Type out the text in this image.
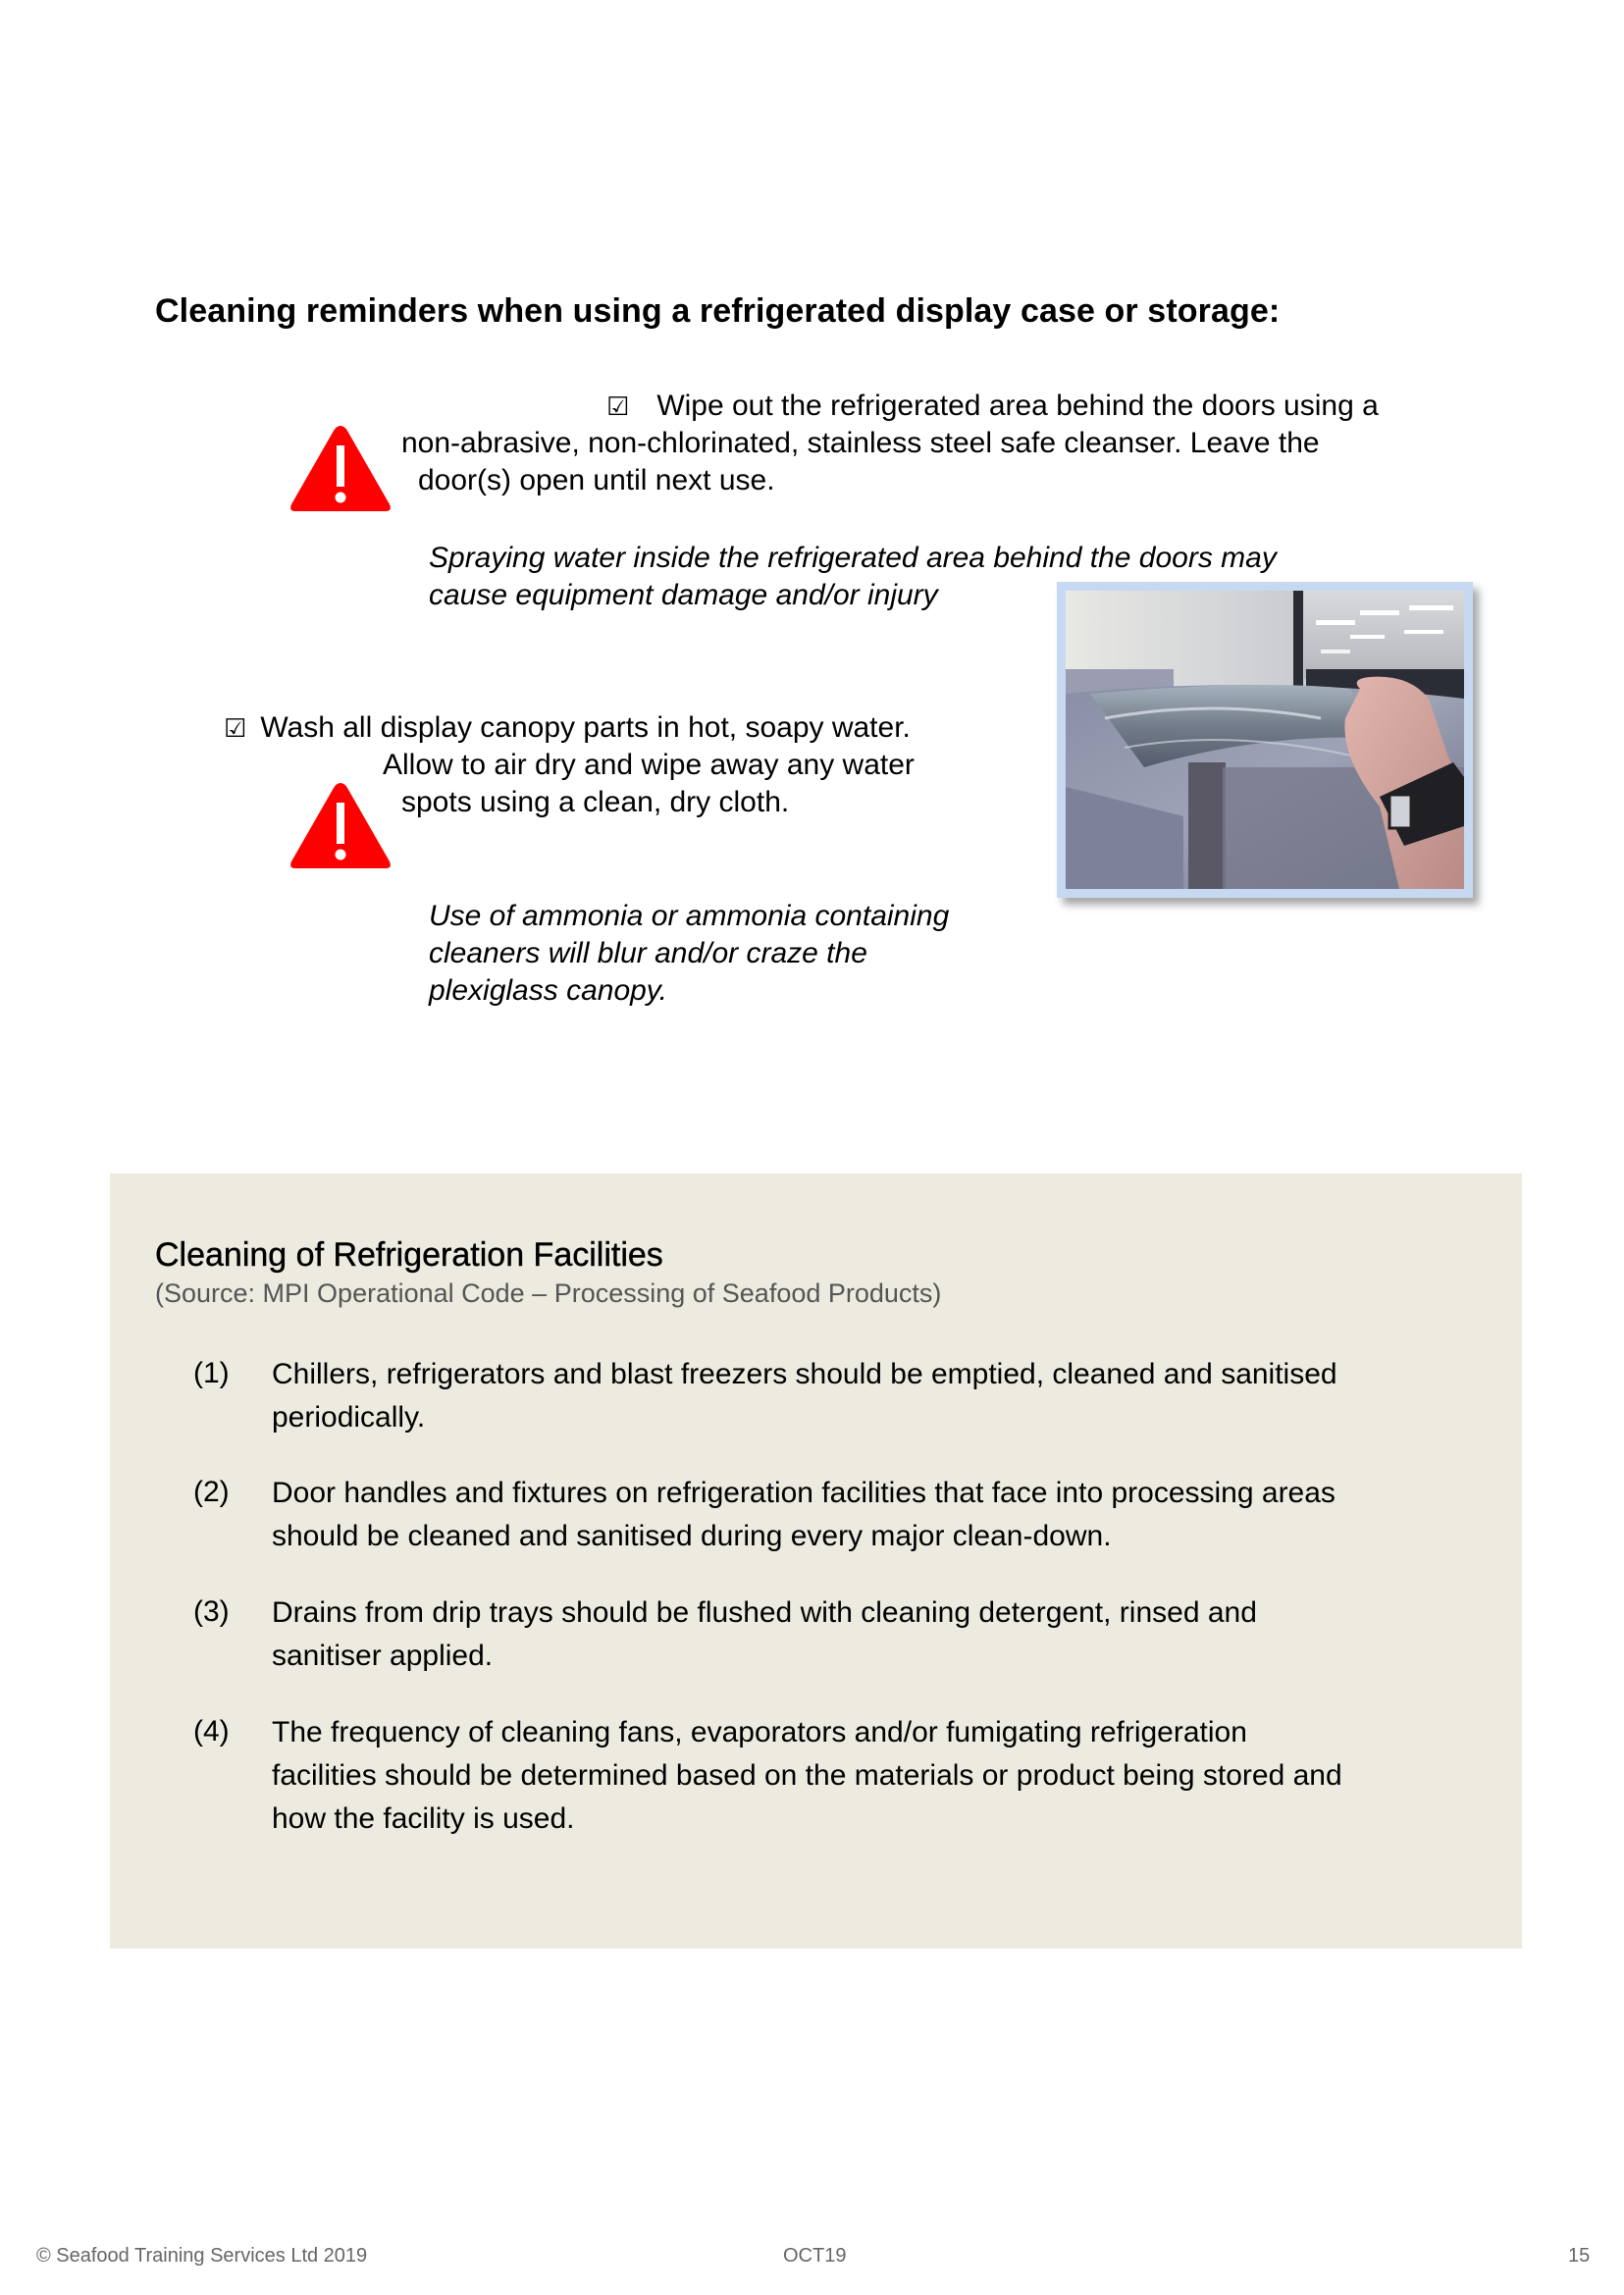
Cleaning reminders when using a refrigerated display case or storage:
☑ Wipe out the refrigerated area behind the doors using a
non-abrasive, non-chlorinated, stainless steel safe cleanser. Leave the
door(s) open until next use.
Spraying water inside the refrigerated area behind the doors may
cause equipment damage and/or injury
☑ Wash all display canopy parts in hot, soapy water.
Allow to air dry and wipe away any water
spots using a clean, dry cloth.
Use of ammonia or ammonia containing
cleaners will blur and/or craze the
plexiglass canopy.
Cleaning of Refrigeration Facilities
(Source: MPI Operational Code – Processing of Seafood Products)
(1) Chillers, refrigerators and blast freezers should be emptied, cleaned and sanitised
periodically.
(2) Door handles and fixtures on refrigeration facilities that face into processing areas
should be cleaned and sanitised during every major clean-down.
(3) Drains from drip trays should be flushed with cleaning detergent, rinsed and
sanitiser applied.
(4) The frequency of cleaning fans, evaporators and/or fumigating refrigeration
facilities should be determined based on the materials or product being stored and
how the facility is used.
© Seafood Training Services Ltd 2019	OCT19	15
